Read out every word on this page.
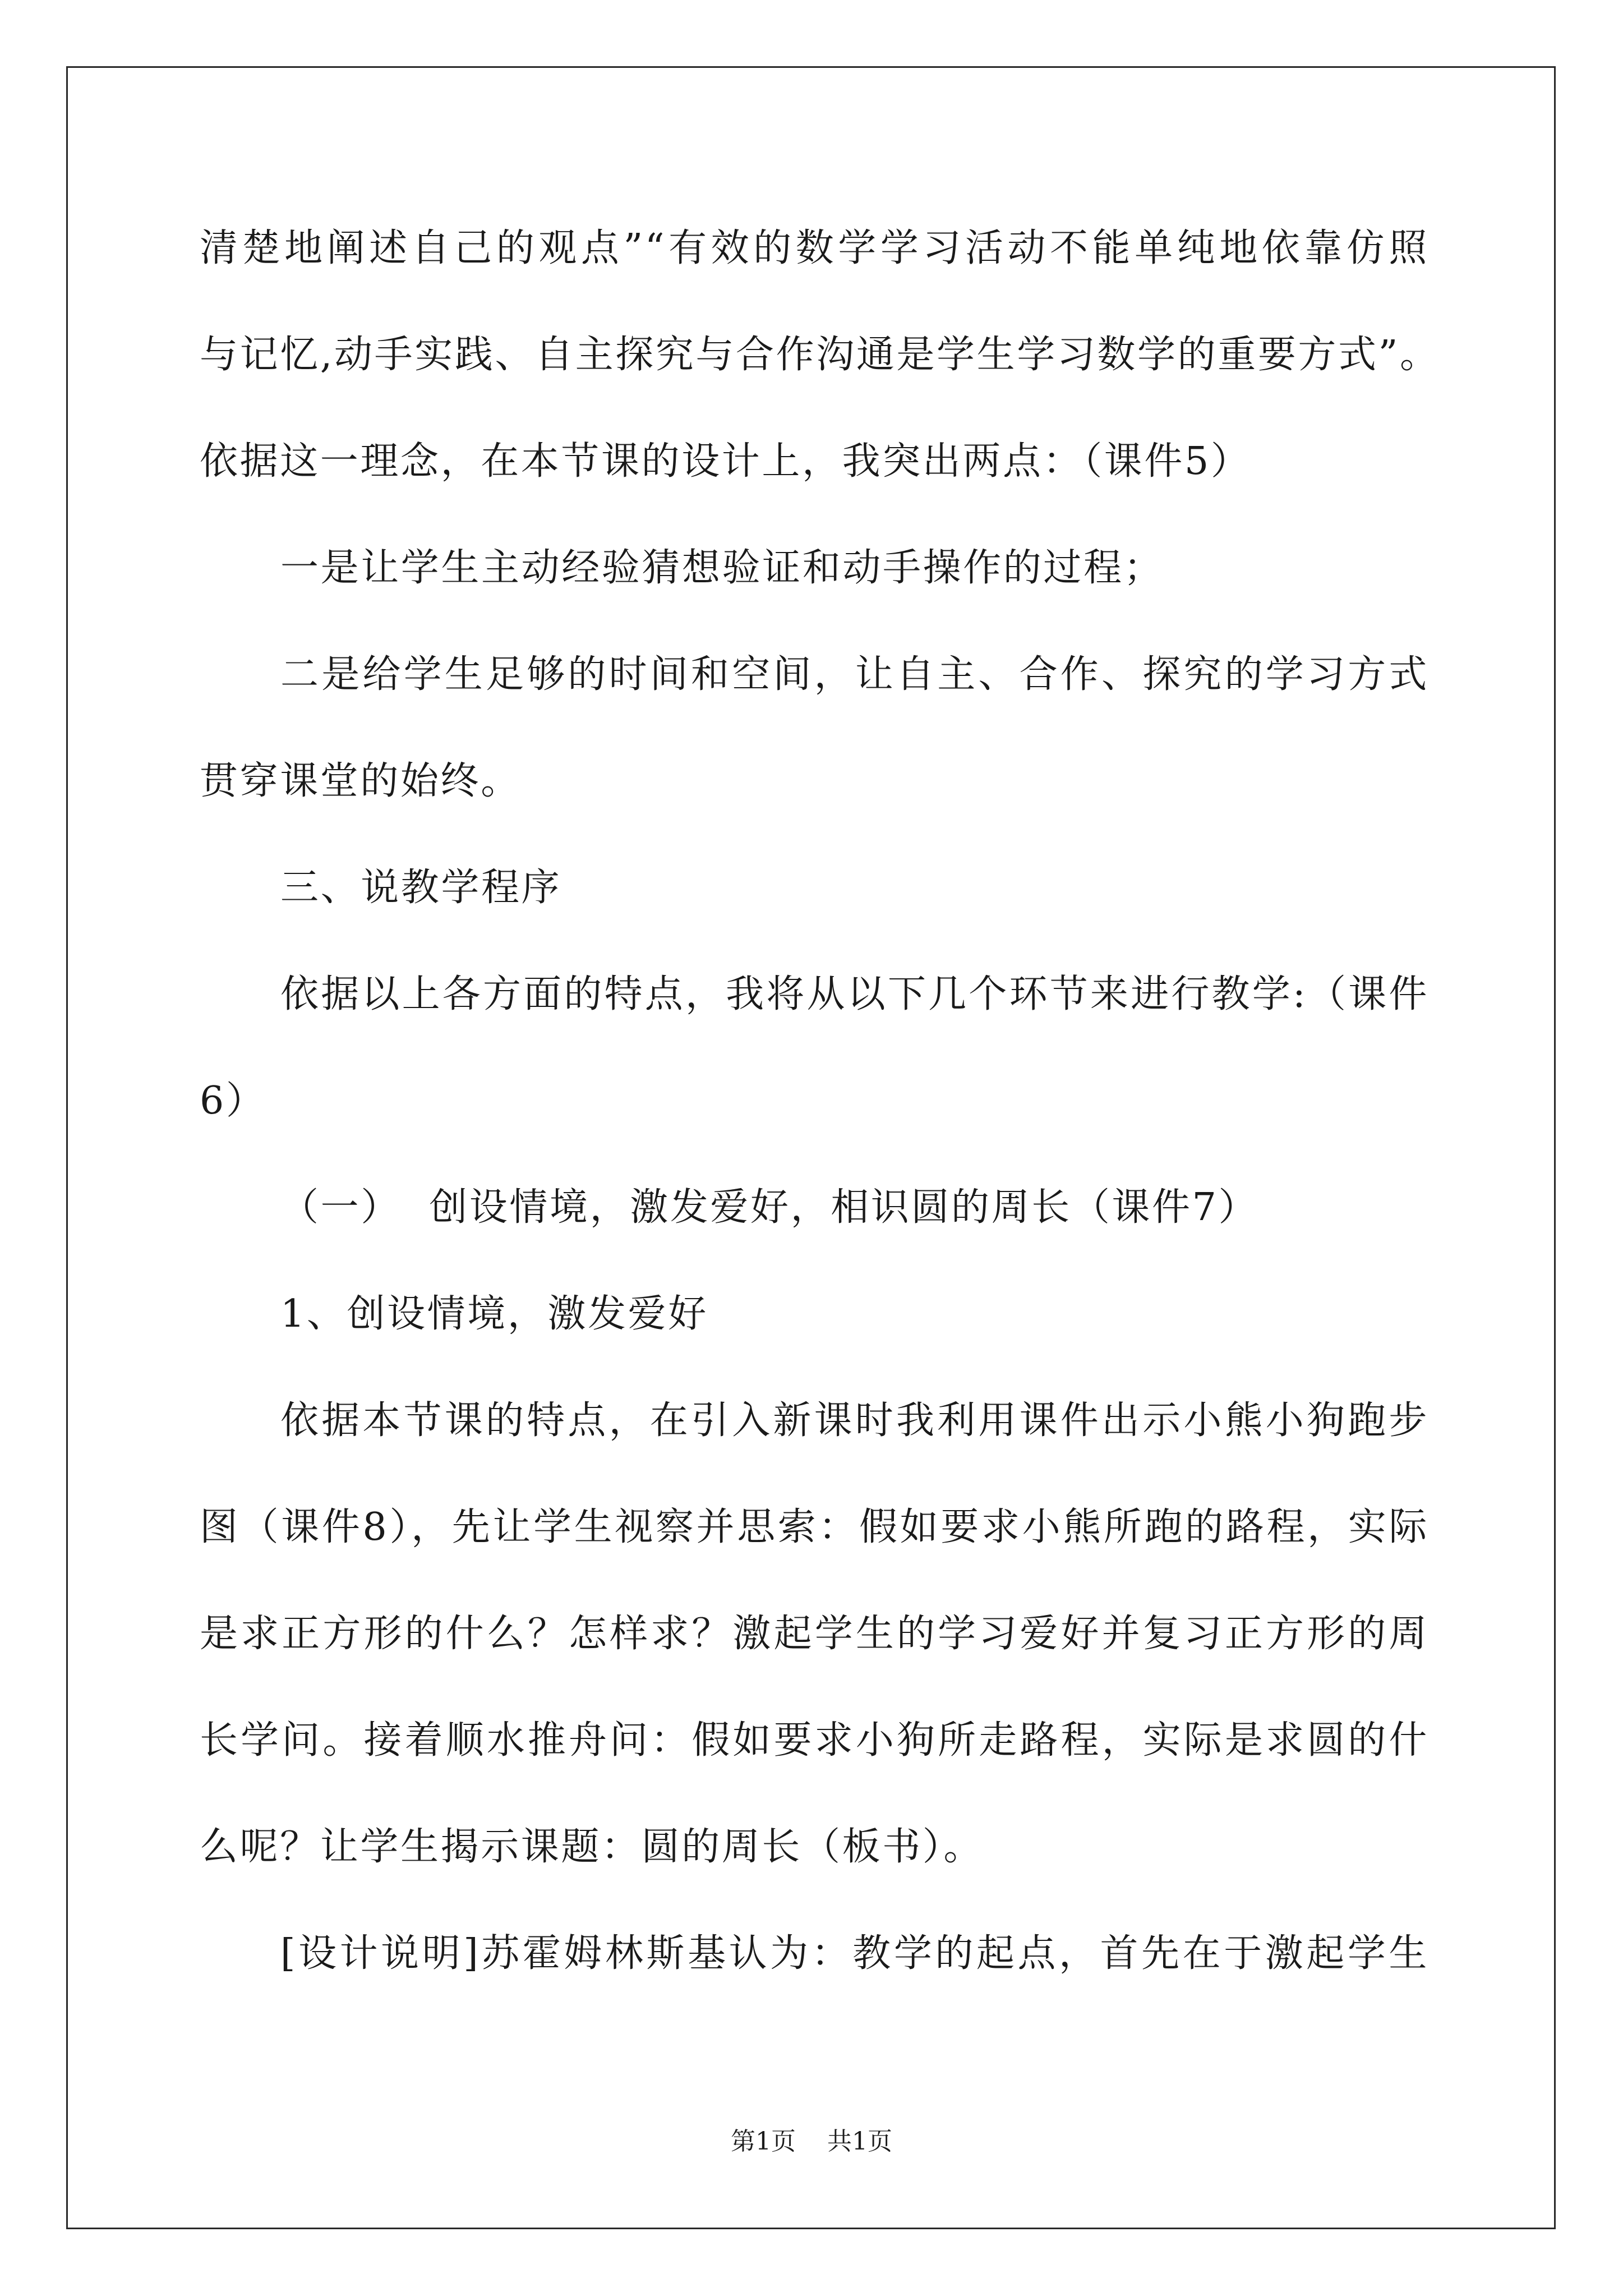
清楚地阐述自己的观点”“有效的数学学习活动不能单纯地依靠仿照
与记忆,动手实践、自主探究与合作沟通是学生学习数学的重要方式”。
依据这一理念，在本节课的设计上，我突出两点：（课件5）
一是让学生主动经验猜想验证和动手操作的过程；
二是给学生足够的时间和空间，让自主、合作、探究的学习方式
贯穿课堂的始终。
三、说教学程序
依据以上各方面的特点，我将从以下几个环节来进行教学:（课件
6）
（一）  创设情境，激发爱好，相识圆的周长（课件7）
1、创设情境，激发爱好
依据本节课的特点，在引入新课时我利用课件出示小熊小狗跑步
图（课件8），先让学生视察并思索：假如要求小熊所跑的路程，实际
是求正方形的什么？怎样求？激起学生的学习爱好并复习正方形的周
长学问。接着顺水推舟问：假如要求小狗所走路程，实际是求圆的什
么呢？让学生揭示课题：圆的周长（板书）。
[设计说明]苏霍姆林斯基认为：教学的起点，首先在于激起学生
第1页 共1页
